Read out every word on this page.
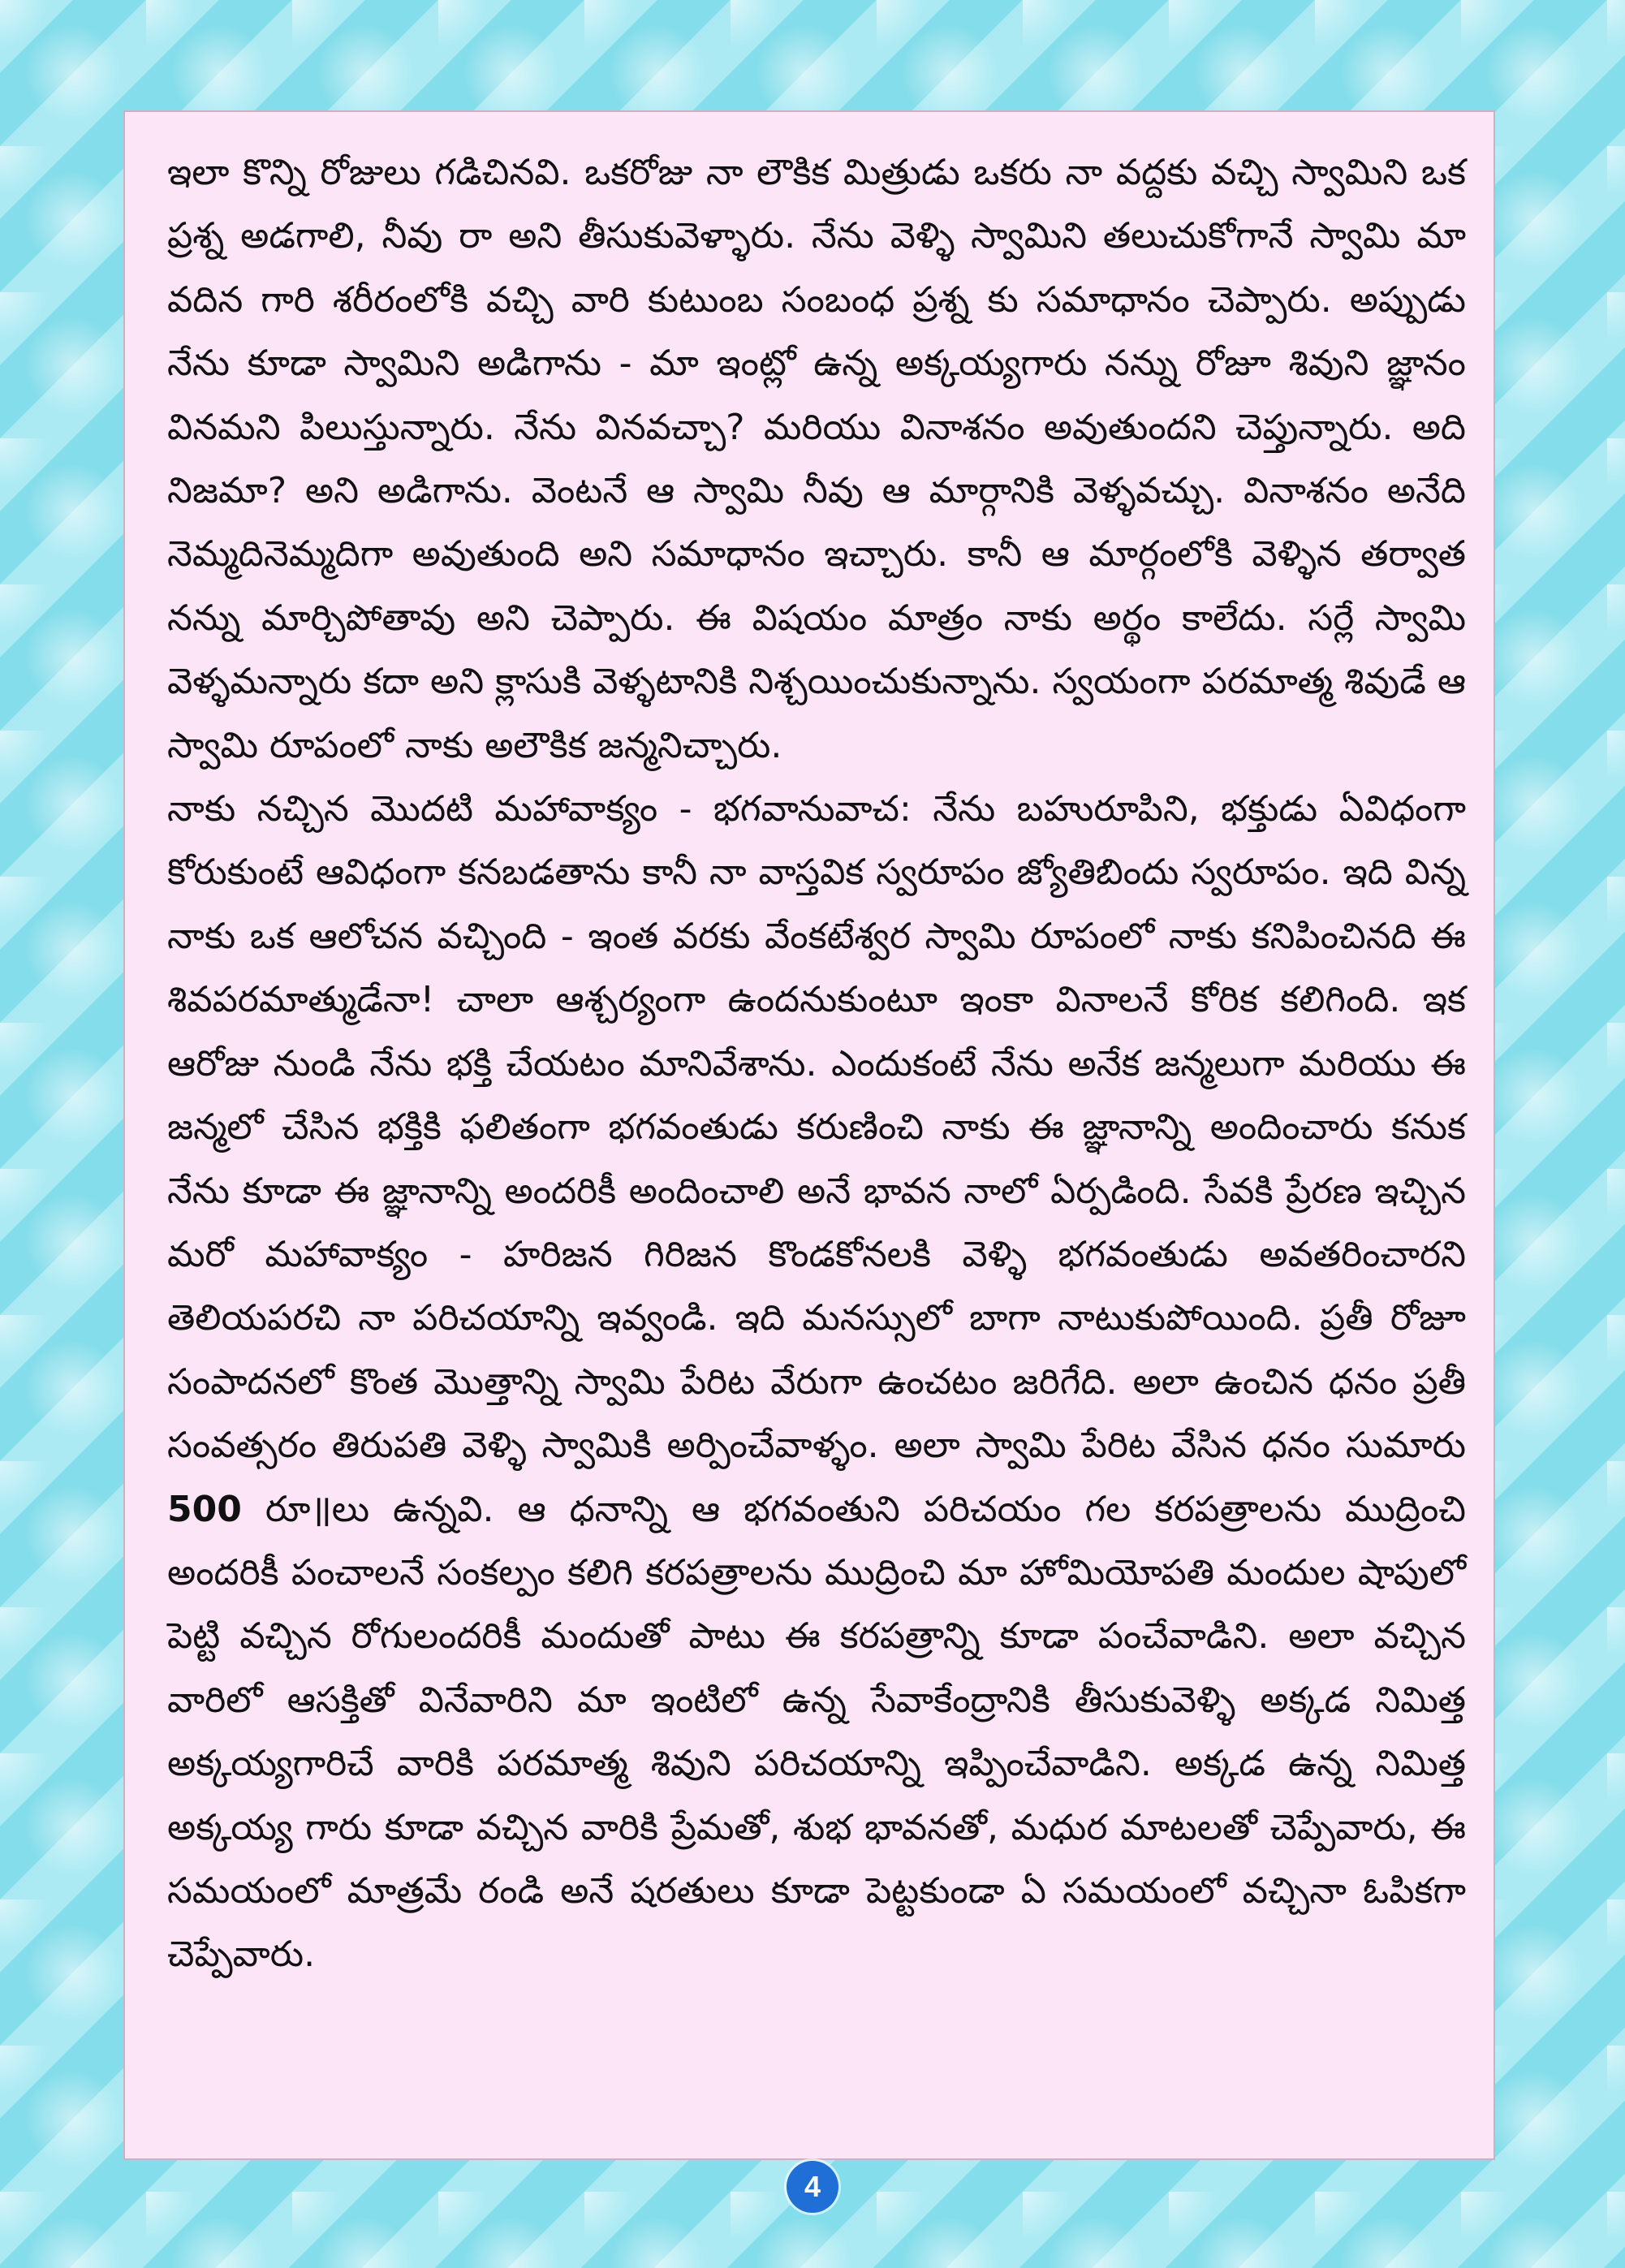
ఇలా కొన్ని రోజులు గడిచినవి. ఒకరోజు నా లౌకిక మిత్రుడు ఒకరు నా వద్దకు వచ్చి స్వామిని ఒక ప్రశ్న అడగాలి, నీవు రా అని తీసుకువెళ్ళారు. నేను వెళ్ళి స్వామిని తలుచుకోగానే స్వామి మా వదిన గారి శరీరంలోకి వచ్చి వారి కుటుంబ సంబంధ ప్రశ్న కు సమాధానం చెప్పారు. అప్పుడు నేను కూడా స్వామిని అడిగాను - మా ఇంట్లో ఉన్న అక్కయ్యగారు నన్ను రోజూ శివుని జ్ఞానం వినమని పిలుస్తున్నారు. నేను వినవచ్చా? మరియు వినాశనం అవుతుందని చెప్తున్నారు. అది నిజమా? అని అడిగాను. వెంటనే ఆ స్వామి నీవు ఆ మార్గానికి వెళ్ళవచ్చు. వినాశనం అనేది నెమ్మదినెమ్మదిగా అవుతుంది అని సమాధానం ఇచ్చారు. కానీ ఆ మార్గంలోకి వెళ్ళిన తర్వాత నన్ను మార్చిపోతావు అని చెప్పారు. ఈ విషయం మాత్రం నాకు అర్థం కాలేదు. సర్లే స్వామి వెళ్ళమన్నారు కదా అని క్లాసుకి వెళ్ళటానికి నిశ్చయించుకున్నాను. స్వయంగా పరమాత్మ శివుడే ఆ స్వామి రూపంలో నాకు అలౌకిక జన్మనిచ్చారు.

నాకు నచ్చిన మొదటి మహావాక్యం - భగవానువాచ: నేను బహురూపిని, భక్తుడు ఏవిధంగా కోరుకుంటే ఆవిధంగా కనబడతాను కానీ నా వాస్తవిక స్వరూపం జ్యోతిబిందు స్వరూపం. ఇది విన్న నాకు ఒక ఆలోచన వచ్చింది - ఇంత వరకు వేంకటేశ్వర స్వామి రూపంలో నాకు కనిపించినది ఈ శివపరమాత్ముడేనా! చాలా ఆశ్చర్యంగా ఉందనుకుంటూ ఇంకా వినాలనే కోరిక కలిగింది. ఇక ఆరోజు నుండి నేను భక్తి చేయటం మానివేశాను. ఎందుకంటే నేను అనేక జన్మలుగా మరియు ఈ జన్మలో చేసిన భక్తికి ఫలితంగా భగవంతుడు కరుణించి నాకు ఈ జ్ఞానాన్ని అందించారు కనుక నేను కూడా ఈ జ్ఞానాన్ని అందరికీ అందించాలి అనే భావన నాలో ఏర్పడింది. సేవకి ప్రేరణ ఇచ్చిన మరో మహావాక్యం - హరిజన గిరిజన కొండకోనలకి వెళ్ళి భగవంతుడు అవతరించారని తెలియపరచి నా పరిచయాన్ని ఇవ్వండి. ఇది మనస్సులో బాగా నాటుకుపోయింది. ప్రతీ రోజూ సంపాదనలో కొంత మొత్తాన్ని స్వామి పేరిట వేరుగా ఉంచటం జరిగేది. అలా ఉంచిన ధనం ప్రతీ సంవత్సరం తిరుపతి వెళ్ళి స్వామికి అర్పించేవాళ్ళం. అలా స్వామి పేరిట వేసిన ధనం సుమారు 500 రూ॥లు ఉన్నవి. ఆ ధనాన్ని ఆ భగవంతుని పరిచయం గల కరపత్రాలను ముద్రించి అందరికీ పంచాలనే సంకల్పం కలిగి కరపత్రాలను ముద్రించి మా హోమియోపతి మందుల షాపులో పెట్టి వచ్చిన రోగులందరికీ మందుతో పాటు ఈ కరపత్రాన్ని కూడా పంచేవాడిని. అలా వచ్చిన వారిలో ఆసక్తితో వినేవారిని మా ఇంటిలో ఉన్న సేవాకేంద్రానికి తీసుకువెళ్ళి అక్కడ నిమిత్త అక్కయ్యగారిచే వారికి పరమాత్మ శివుని పరిచయాన్ని ఇప్పించేవాడిని. అక్కడ ఉన్న నిమిత్త అక్కయ్య గారు కూడా వచ్చిన వారికి ప్రేమతో, శుభ భావనతో, మధుర మాటలతో చెప్పేవారు, ఈ సమయంలో మాత్రమే రండి అనే షరతులు కూడా పెట్టకుండా ఏ సమయంలో వచ్చినా ఓపికగా చెప్పేవారు.

4
